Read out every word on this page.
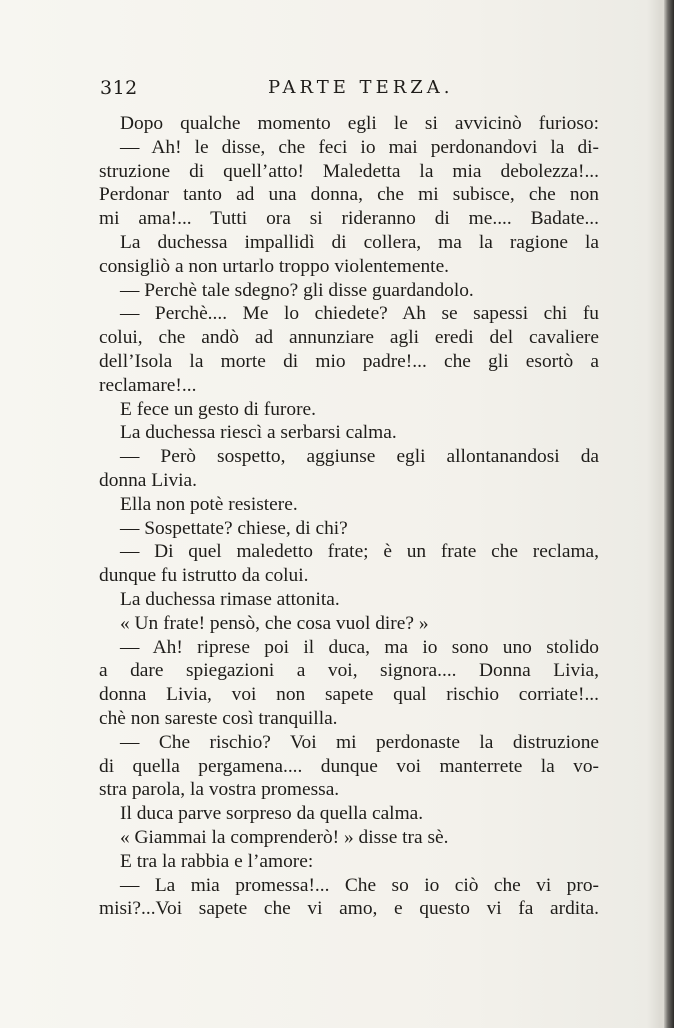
312	PARTE TERZA.
Dopo qualche momento egli le si avvicinò furioso:
— Ah! le disse, che feci io mai perdonandovi la di-
struzione di quell’atto! Maledetta la mia debolezza!...
Perdonar tanto ad una donna, che mi subisce, che non
mi ama!... Tutti ora si rideranno di me.... Badate...
La duchessa impallidì di collera, ma la ragione la
consigliò a non urtarlo troppo violentemente.
— Perchè tale sdegno? gli disse guardandolo.
— Perchè.... Me lo chiedete? Ah se sapessi chi fu
colui, che andò ad annunziare agli eredi del cavaliere
dell’Isola la morte di mio padre!... che gli esortò a
reclamare!...
E fece un gesto di furore.
La duchessa riescì a serbarsi calma.
— Però sospetto, aggiunse egli allontanandosi da
donna Livia.
Ella non potè resistere.
— Sospettate? chiese, di chi?
— Di quel maledetto frate; è un frate che reclama,
dunque fu istrutto da colui.
La duchessa rimase attonita.
« Un frate! pensò, che cosa vuol dire? »
— Ah! riprese poi il duca, ma io sono uno stolido
a dare spiegazioni a voi, signora.... Donna Livia,
donna Livia, voi non sapete qual rischio corriate!...
chè non sareste così tranquilla.
— Che rischio? Voi mi perdonaste la distruzione
di quella pergamena.... dunque voi manterrete la vo-
stra parola, la vostra promessa.
Il duca parve sorpreso da quella calma.
« Giammai la comprenderò! » disse tra sè.
E tra la rabbia e l’amore:
— La mia promessa!... Che so io ciò che vi pro-
misi?...Voi sapete che vi amo, e questo vi fa ardita.
